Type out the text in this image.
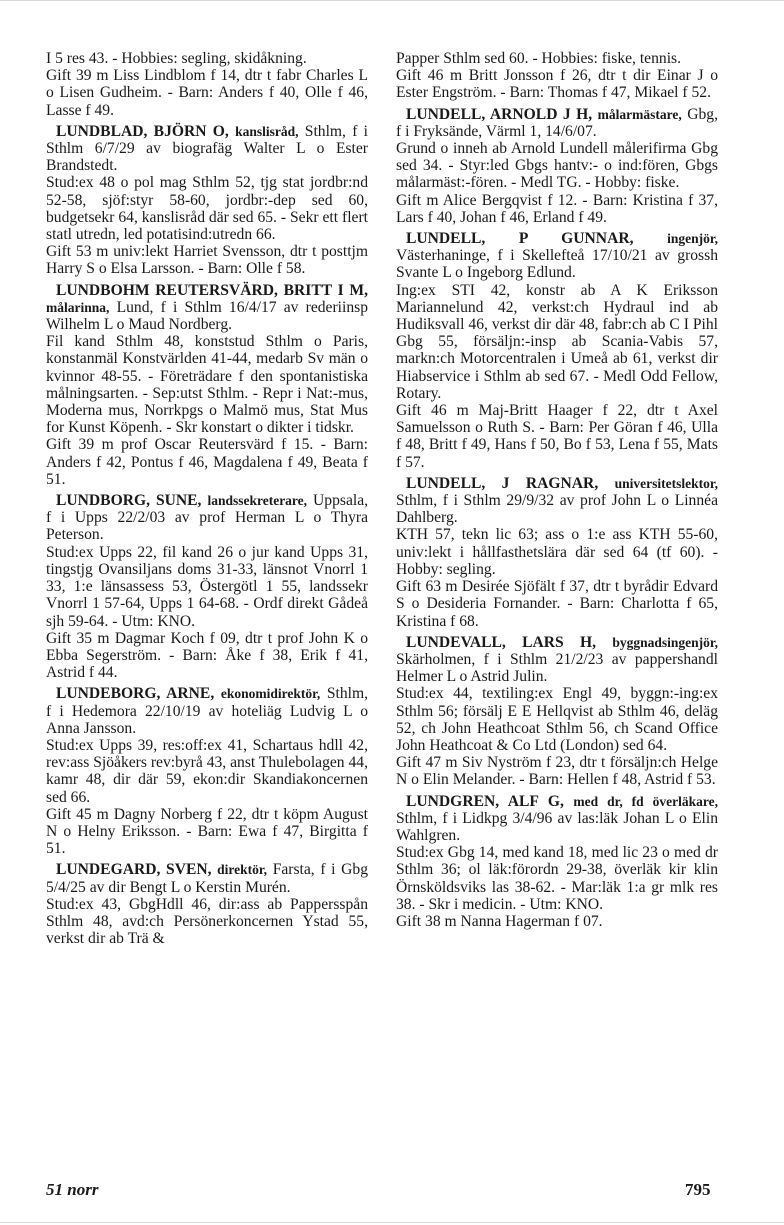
I 5 res 43. - Hobbies: segling, skidåkning.

Gift 39 m Liss Lindblom f 14, dtr t fabr Charles L o Lisen Gudheim. - Barn: Anders f 40, Olle f 46, Lasse f 49.

LUNDBLAD, BJÖRN O, kanslisråd, Sthlm, f i Sthlm 6/7/29 av biografäg Walter L o Ester Brandstedt.

Stud:ex 48 o pol mag Sthlm 52, tjg stat jordbr:nd 52-58, sjöf:styr 58-60, jordbr:-dep sed 60, budgetsekr 64, kanslisråd där sed 65. - Sekr ett flert statl utredn, led potatisind:utredn 66.

Gift 53 m univ:lekt Harriet Svensson, dtr t posttjm Harry S o Elsa Larsson. - Barn: Olle f 58.

LUNDBOHM REUTERSVÄRD, BRITT I M, målarinna, Lund, f i Sthlm 16/4/17 av rederiinsp Wilhelm L o Maud Nordberg.

Fil kand Sthlm 48, konststud Sthlm o Paris, konstanmäl Konstvärlden 41-44, medarb Sv män o kvinnor 48-55. - Företrädare f den spontanistiska målningsarten. - Sep:utst Sthlm. - Repr i Nat:-mus, Moderna mus, Norrkpgs o Malmö mus, Stat Mus for Kunst Köpenh. - Skr konstart o dikter i tidskr.

Gift 39 m prof Oscar Reutersvärd f 15. - Barn: Anders f 42, Pontus f 46, Magdalena f 49, Beata f 51.

LUNDBORG, SUNE, landssekreterare, Uppsala, f i Upps 22/2/03 av prof Herman L o Thyra Peterson.

Stud:ex Upps 22, fil kand 26 o jur kand Upps 31, tingstjg Ovansiljans doms 31-33, länsnot Vnorrl 1 33, 1:e länsassess 53, Östergötl 1 55, landssekr Vnorrl 1 57-64, Upps 1 64-68. - Ordf direkt Gådeå sjh 59-64. - Utm: KNO.

Gift 35 m Dagmar Koch f 09, dtr t prof John K o Ebba Segerström. - Barn: Åke f 38, Erik f 41, Astrid f 44.

LUNDEBORG, ARNE, ekonomidirektör, Sthlm, f i Hedemora 22/10/19 av hoteliäg Ludvig L o Anna Jansson.

Stud:ex Upps 39, res:off:ex 41, Schartaus hdll 42, rev:ass Sjöåkers rev:byrå 43, anst Thulebolagen 44, kamr 48, dir där 59, ekon:dir Skandiakoncernen sed 66.

Gift 45 m Dagny Norberg f 22, dtr t köpm August N o Helny Eriksson. - Barn: Ewa f 47, Birgitta f 51.

LUNDEGARD, SVEN, direktör, Farsta, f i Gbg 5/4/25 av dir Bengt L o Kerstin Murén.

Stud:ex 43, GbgHdll 46, dir:ass ab Pappersspån Sthlm 48, avd:ch Persönerkoncernen Ystad 55, verkst dir ab Trä &

Papper Sthlm sed 60. - Hobbies: fiske, tennis.

Gift 46 m Britt Jonsson f 26, dtr t dir Einar J o Ester Engström. - Barn: Thomas f 47, Mikael f 52.

LUNDELL, ARNOLD J H, målarmästare, Gbg, f i Fryksände, Värml 1, 14/6/07.

Grund o inneh ab Arnold Lundell målerifirma Gbg sed 34. - Styr:led Gbgs hantv:- o ind:fören, Gbgs målarmäst:-fören. - Medl TG. - Hobby: fiske.

Gift m Alice Bergqvist f 12. - Barn: Kristina f 37, Lars f 40, Johan f 46, Erland f 49.

LUNDELL, P GUNNAR, ingenjör, Västerhaninge, f i Skellefteå 17/10/21 av grossh Svante L o Ingeborg Edlund.

Ing:ex STI 42, konstr ab A K Eriksson Mariannelund 42, verkst:ch Hydraul ind ab Hudiksvall 46, verkst dir där 48, fabr:ch ab C I Pihl Gbg 55, försäljn:-insp ab Scania-Vabis 57, markn:ch Motorcentralen i Umeå ab 61, verkst dir Hiabservice i Sthlm ab sed 67. - Medl Odd Fellow, Rotary.

Gift 46 m Maj-Britt Haager f 22, dtr t Axel Samuelsson o Ruth S. - Barn: Per Göran f 46, Ulla f 48, Britt f 49, Hans f 50, Bo f 53, Lena f 55, Mats f 57.

LUNDELL, J RAGNAR, universitetslektor, Sthlm, f i Sthlm 29/9/32 av prof John L o Linnéa Dahlberg.

KTH 57, tekn lic 63; ass o 1:e ass KTH 55-60, univ:lekt i hållfasthetslära där sed 64 (tf 60). - Hobby: segling.

Gift 63 m Desirée Sjöfält f 37, dtr t byrådir Edvard S o Desideria Fornander. - Barn: Charlotta f 65, Kristina f 68.

LUNDEVALL, LARS H, byggnadsingenjör, Skärholmen, f i Sthlm 21/2/23 av pappershandl Helmer L o Astrid Julin.

Stud:ex 44, textiling:ex Engl 49, byggn:-ing:ex Sthlm 56; försälj E E Hellqvist ab Sthlm 46, deläg 52, ch John Heathcoat Sthlm 56, ch Scand Office John Heathcoat & Co Ltd (London) sed 64.

Gift 47 m Siv Nyström f 23, dtr t försäljn:ch Helge N o Elin Melander. - Barn: Hellen f 48, Astrid f 53.

LUNDGREN, ALF G, med dr, fd överläkare, Sthlm, f i Lidkpg 3/4/96 av las:läk Johan L o Elin Wahlgren.

Stud:ex Gbg 14, med kand 18, med lic 23 o med dr Sthlm 36; ol läk:förordn 29-38, överläk kir klin Örnsköldsviks las 38-62. - Mar:läk 1:a gr mlk res 38. - Skr i medicin. - Utm: KNO.

Gift 38 m Nanna Hagerman f 07.

51 norr	795
